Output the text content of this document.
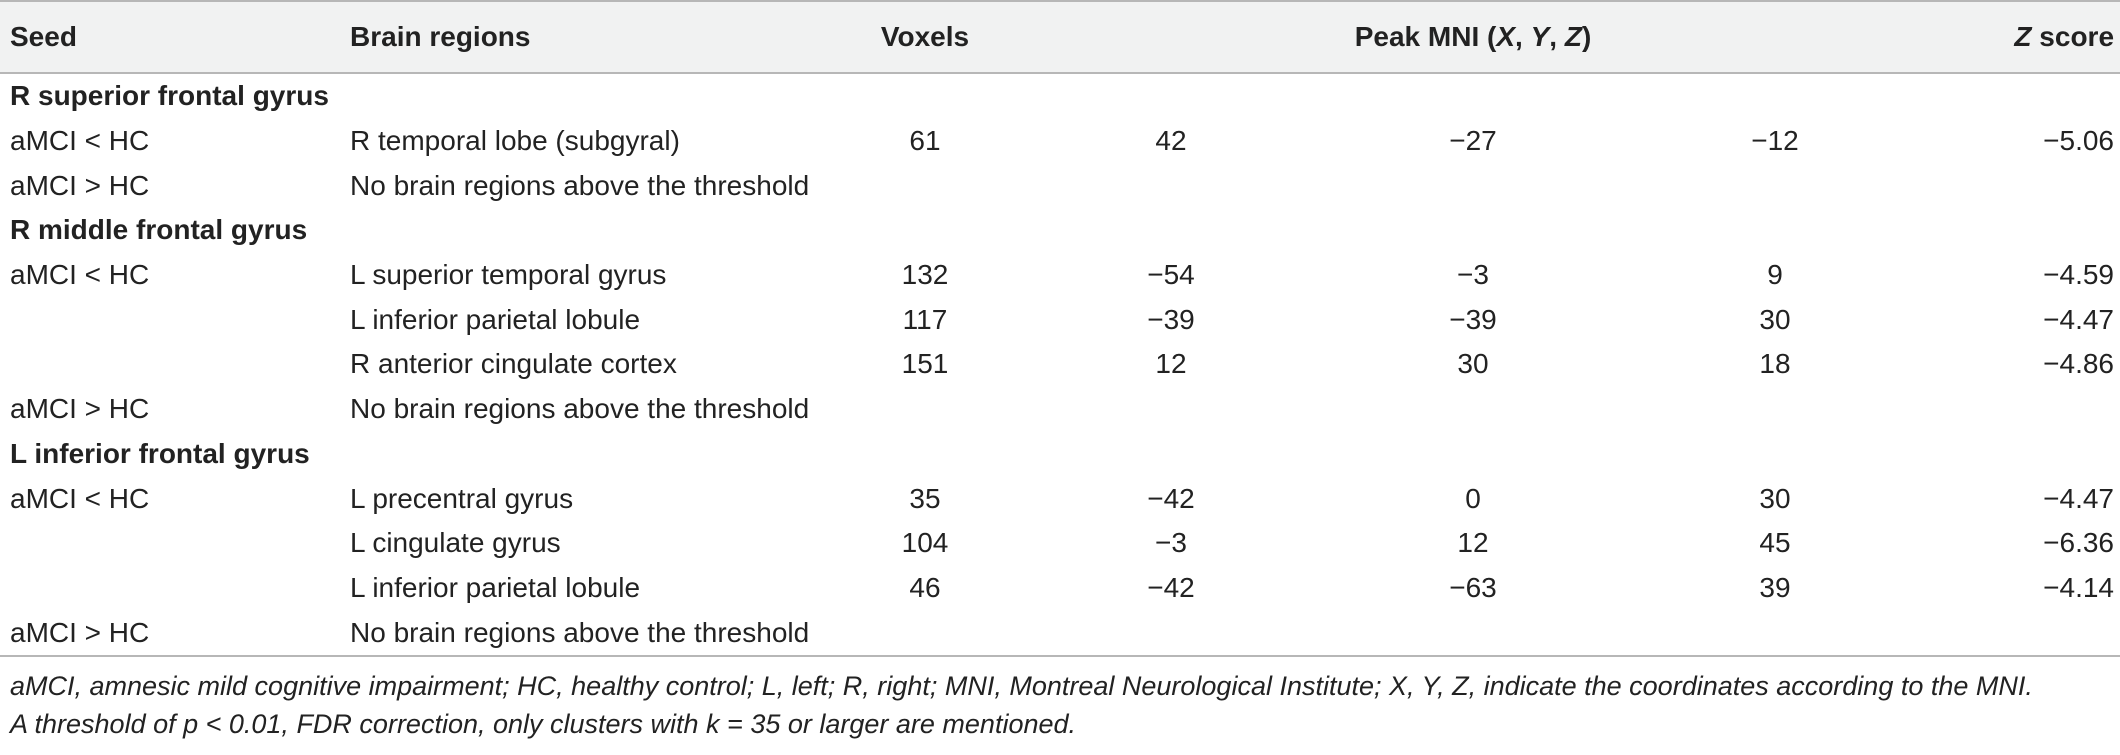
Seed	Brain regions	Voxels	Peak MNI (X, Y, Z)			Z score
R superior frontal gyrus						
aMCI < HC	R temporal lobe (subgyral)	61	42	−27	−12	−5.06
aMCI > HC	No brain regions above the threshold					
R middle frontal gyrus						
aMCI < HC	L superior temporal gyrus	132	−54	−3	9	−4.59
	L inferior parietal lobule	117	−39	−39	30	−4.47
	R anterior cingulate cortex	151	12	30	18	−4.86
aMCI > HC	No brain regions above the threshold					
L inferior frontal gyrus						
aMCI < HC	L precentral gyrus	35	−42	0	30	−4.47
	L cingulate gyrus	104	−3	12	45	−6.36
	L inferior parietal lobule	46	−42	−63	39	−4.14
aMCI > HC	No brain regions above the threshold					
aMCI, amnesic mild cognitive impairment; HC, healthy control; L, left; R, right; MNI, Montreal Neurological Institute; X, Y, Z, indicate the coordinates according to the MNI.
A threshold of p < 0.01, FDR correction, only clusters with k = 35 or larger are mentioned.
